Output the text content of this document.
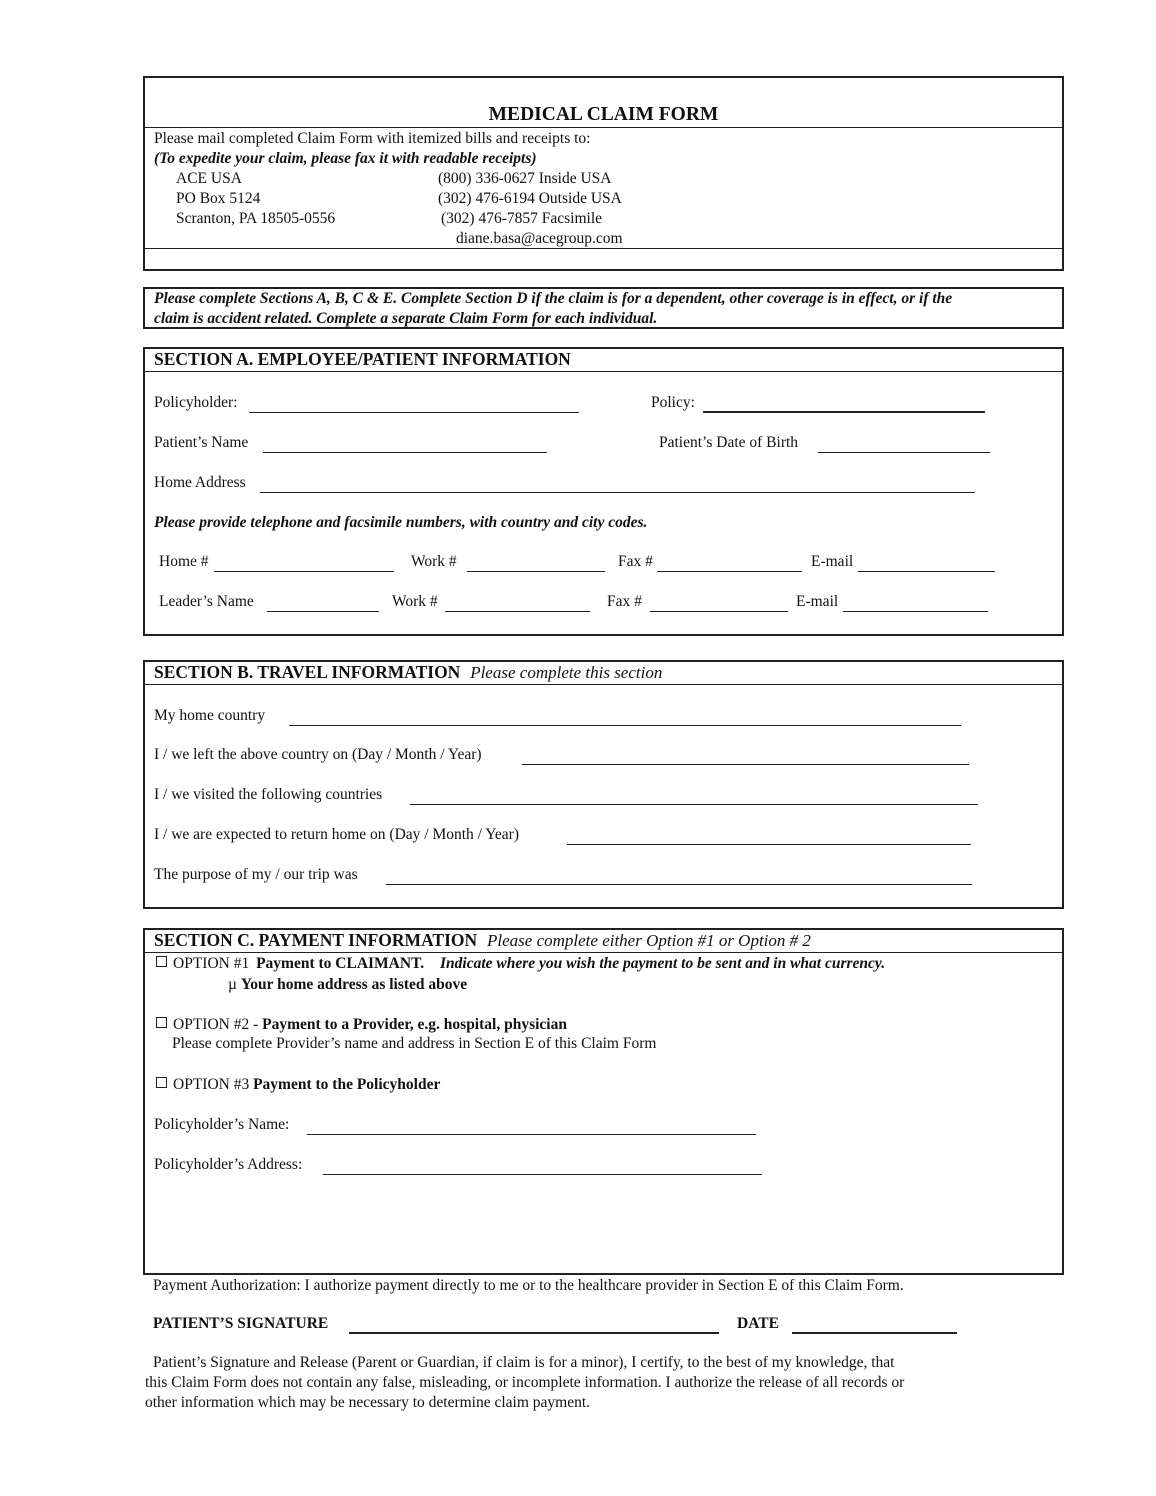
MEDICAL CLAIM FORM
Please mail completed Claim Form with itemized bills and receipts to:
(To expedite your claim, please fax it with readable receipts)
ACE USA
PO Box 5124
Scranton, PA 18505-0556
(800) 336-0627 Inside USA
(302) 476-6194 Outside USA
(302) 476-7857 Facsimile
diane.basa@acegroup.com
Please complete Sections A, B, C & E. Complete Section D if the claim is for a dependent, other coverage is in effect, or if the
claim is accident related. Complete a separate Claim Form for each individual.
SECTION A. EMPLOYEE/PATIENT INFORMATION
Policyholder:	Policy:
Patient’s Name	Patient’s Date of Birth
Home Address
Please provide telephone and facsimile numbers, with country and city codes.
Home #	Work #	Fax #	E-mail
Leader’s Name	Work #	Fax #	E-mail
SECTION B. TRAVEL INFORMATION Please complete this section
My home country
I / we left the above country on (Day / Month / Year)
I / we visited the following countries
I / we are expected to return home on (Day / Month / Year)
The purpose of my / our trip was
SECTION C. PAYMENT INFORMATION Please complete either Option #1 or Option # 2
OPTION #1 Payment to CLAIMANT. Indicate where you wish the payment to be sent and in what currency.
µ Your home address as listed above
OPTION #2 - Payment to a Provider, e.g. hospital, physician
Please complete Provider’s name and address in Section E of this Claim Form
OPTION #3 Payment to the Policyholder
Policyholder’s Name:
Policyholder’s Address:
Payment Authorization: I authorize payment directly to me or to the healthcare provider in Section E of this Claim Form.
PATIENT’S SIGNATURE	DATE
Patient’s Signature and Release (Parent or Guardian, if claim is for a minor), I certify, to the best of my knowledge, that
this Claim Form does not contain any false, misleading, or incomplete information. I authorize the release of all records or
other information which may be necessary to determine claim payment.
